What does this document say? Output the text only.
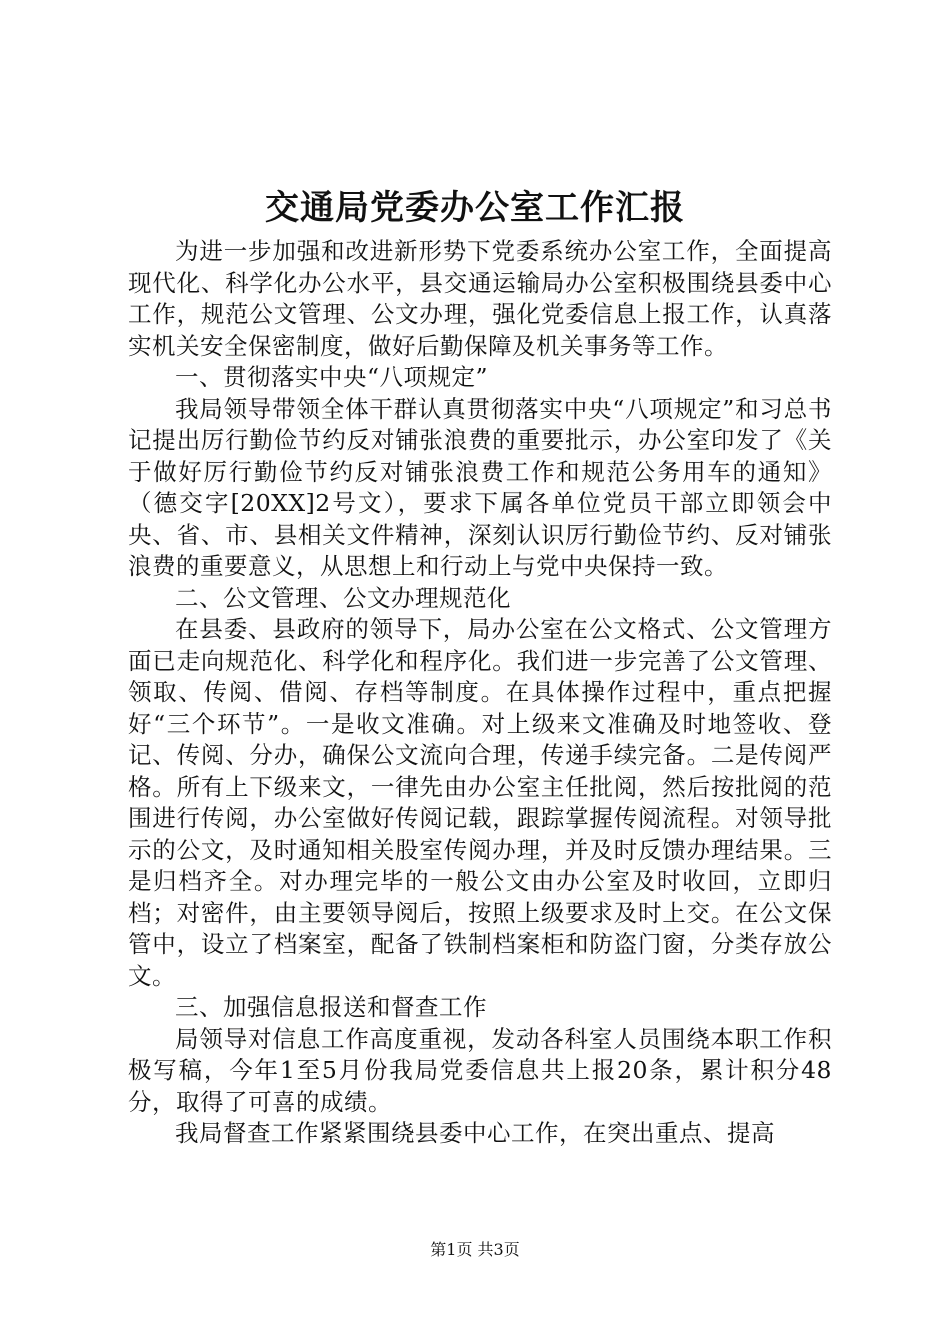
交通局党委办公室工作汇报

为进一步加强和改进新形势下党委系统办公室工作，全面提高现代化、科学化办公水平，县交通运输局办公室积极围绕县委中心工作，规范公文管理、公文办理，强化党委信息上报工作，认真落实机关安全保密制度，做好后勤保障及机关事务等工作。

一、贯彻落实中央“八项规定”

我局领导带领全体干群认真贯彻落实中央“八项规定”和习总书记提出厉行勤俭节约反对铺张浪费的重要批示，办公室印发了《关于做好厉行勤俭节约反对铺张浪费工作和规范公务用车的通知》（德交字[20XX]2号文），要求下属各单位党员干部立即领会中央、省、市、县相关文件精神，深刻认识厉行勤俭节约、反对铺张浪费的重要意义，从思想上和行动上与党中央保持一致。

二、公文管理、公文办理规范化

在县委、县政府的领导下，局办公室在公文格式、公文管理方面已走向规范化、科学化和程序化。我们进一步完善了公文管理、领取、传阅、借阅、存档等制度。在具体操作过程中，重点把握好“三个环节”。一是收文准确。对上级来文准确及时地签收、登记、传阅、分办，确保公文流向合理，传递手续完备。二是传阅严格。所有上下级来文，一律先由办公室主任批阅，然后按批阅的范围进行传阅，办公室做好传阅记载，跟踪掌握传阅流程。对领导批示的公文，及时通知相关股室传阅办理，并及时反馈办理结果。三是归档齐全。对办理完毕的一般公文由办公室及时收回，立即归档；对密件，由主要领导阅后，按照上级要求及时上交。在公文保管中，设立了档案室，配备了铁制档案柜和防盗门窗，分类存放公文。

三、加强信息报送和督查工作

局领导对信息工作高度重视，发动各科室人员围绕本职工作积极写稿，今年1至5月份我局党委信息共上报20条，累计积分48分，取得了可喜的成绩。

我局督查工作紧紧围绕县委中心工作，在突出重点、提高

第1页 共3页
